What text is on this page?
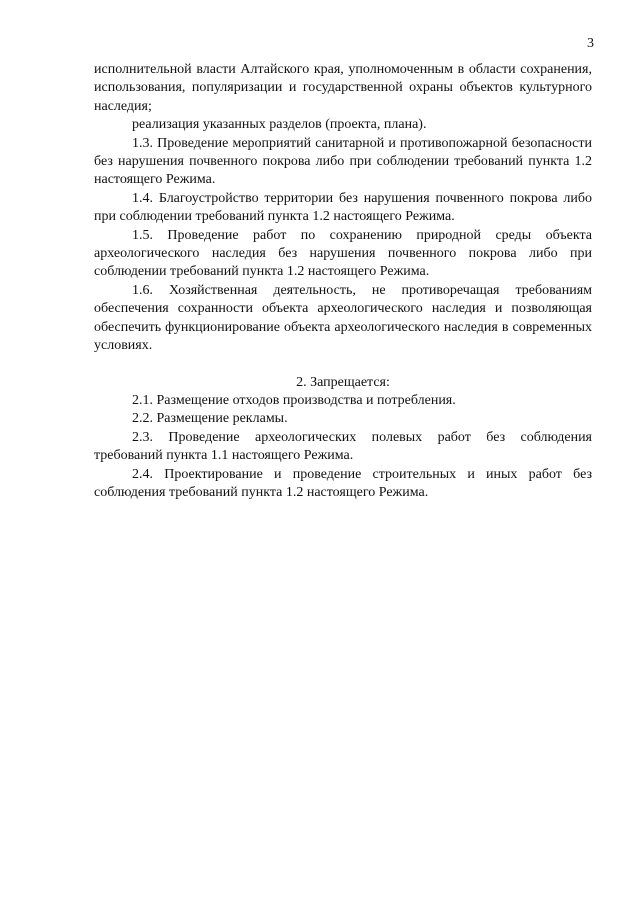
3

исполнительной власти Алтайского края, уполномоченным в области сохранения, использования, популяризации и государственной охраны объектов культурного наследия;

реализация указанных разделов (проекта, плана).

1.3. Проведение мероприятий санитарной и противопожарной безопасности без нарушения почвенного покрова либо при соблюдении требований пункта 1.2 настоящего Режима.

1.4. Благоустройство территории без нарушения почвенного покрова либо при соблюдении требований пункта 1.2 настоящего Режима.

1.5. Проведение работ по сохранению природной среды объекта археологического наследия без нарушения почвенного покрова либо при соблюдении требований пункта 1.2 настоящего Режима.

1.6. Хозяйственная деятельность, не противоречащая требованиям обеспечения сохранности объекта археологического наследия и позволяющая обеспечить функционирование объекта археологического наследия в современных условиях.

2. Запрещается:

2.1. Размещение отходов производства и потребления.

2.2. Размещение рекламы.

2.3. Проведение археологических полевых работ без соблюдения требований пункта 1.1 настоящего Режима.

2.4. Проектирование и проведение строительных и иных работ без соблюдения требований пункта 1.2 настоящего Режима.
